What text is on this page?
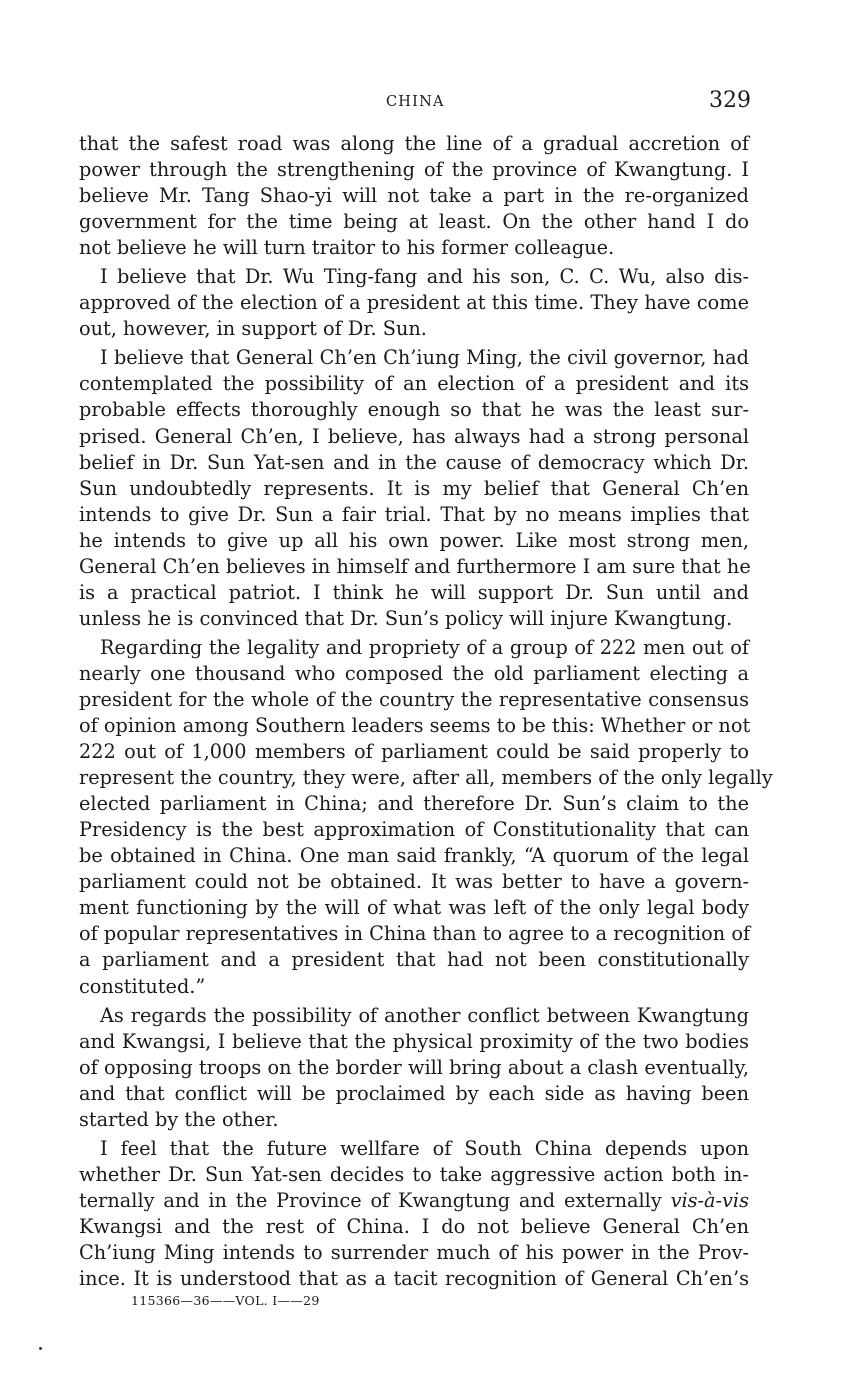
CHINA	329
that the safest road was along the line of a gradual accretion of
power through the strengthening of the province of Kwangtung. I
believe Mr. Tang Shao-yi will not take a part in the re-organized
government for the time being at least. On the other hand I do
not believe he will turn traitor to his former colleague.
I believe that Dr. Wu Ting-fang and his son, C. C. Wu, also dis-
approved of the election of a president at this time. They have come
out, however, in support of Dr. Sun.
I believe that General Ch’en Ch’iung Ming, the civil governor, had
contemplated the possibility of an election of a president and its
probable effects thoroughly enough so that he was the least sur-
prised. General Ch’en, I believe, has always had a strong personal
belief in Dr. Sun Yat-sen and in the cause of democracy which Dr.
Sun undoubtedly represents. It is my belief that General Ch’en
intends to give Dr. Sun a fair trial. That by no means implies that
he intends to give up all his own power. Like most strong men,
General Ch’en believes in himself and furthermore I am sure that he
is a practical patriot. I think he will support Dr. Sun until and
unless he is convinced that Dr. Sun’s policy will injure Kwangtung.
Regarding the legality and propriety of a group of 222 men out of
nearly one thousand who composed the old parliament electing a
president for the whole of the country the representative consensus
of opinion among Southern leaders seems to be this: Whether or not
222 out of 1,000 members of parliament could be said properly to
represent the country, they were, after all, members of the only legally
elected parliament in China; and therefore Dr. Sun’s claim to the
Presidency is the best approximation of Constitutionality that can
be obtained in China. One man said frankly, “A quorum of the legal
parliament could not be obtained. It was better to have a govern-
ment functioning by the will of what was left of the only legal body
of popular representatives in China than to agree to a recognition of
a parliament and a president that had not been constitutionally
constituted.”
As regards the possibility of another conflict between Kwangtung
and Kwangsi, I believe that the physical proximity of the two bodies
of opposing troops on the border will bring about a clash eventually,
and that conflict will be proclaimed by each side as having been
started by the other.
I feel that the future wellfare of South China depends upon
whether Dr. Sun Yat-sen decides to take aggressive action both in-
ternally and in the Province of Kwangtung and externally vis-à-vis
Kwangsi and the rest of China. I do not believe General Ch’en
Ch’iung Ming intends to surrender much of his power in the Prov-
ince. It is understood that as a tacit recognition of General Ch’en’s
115366—36——VOL. I——29
